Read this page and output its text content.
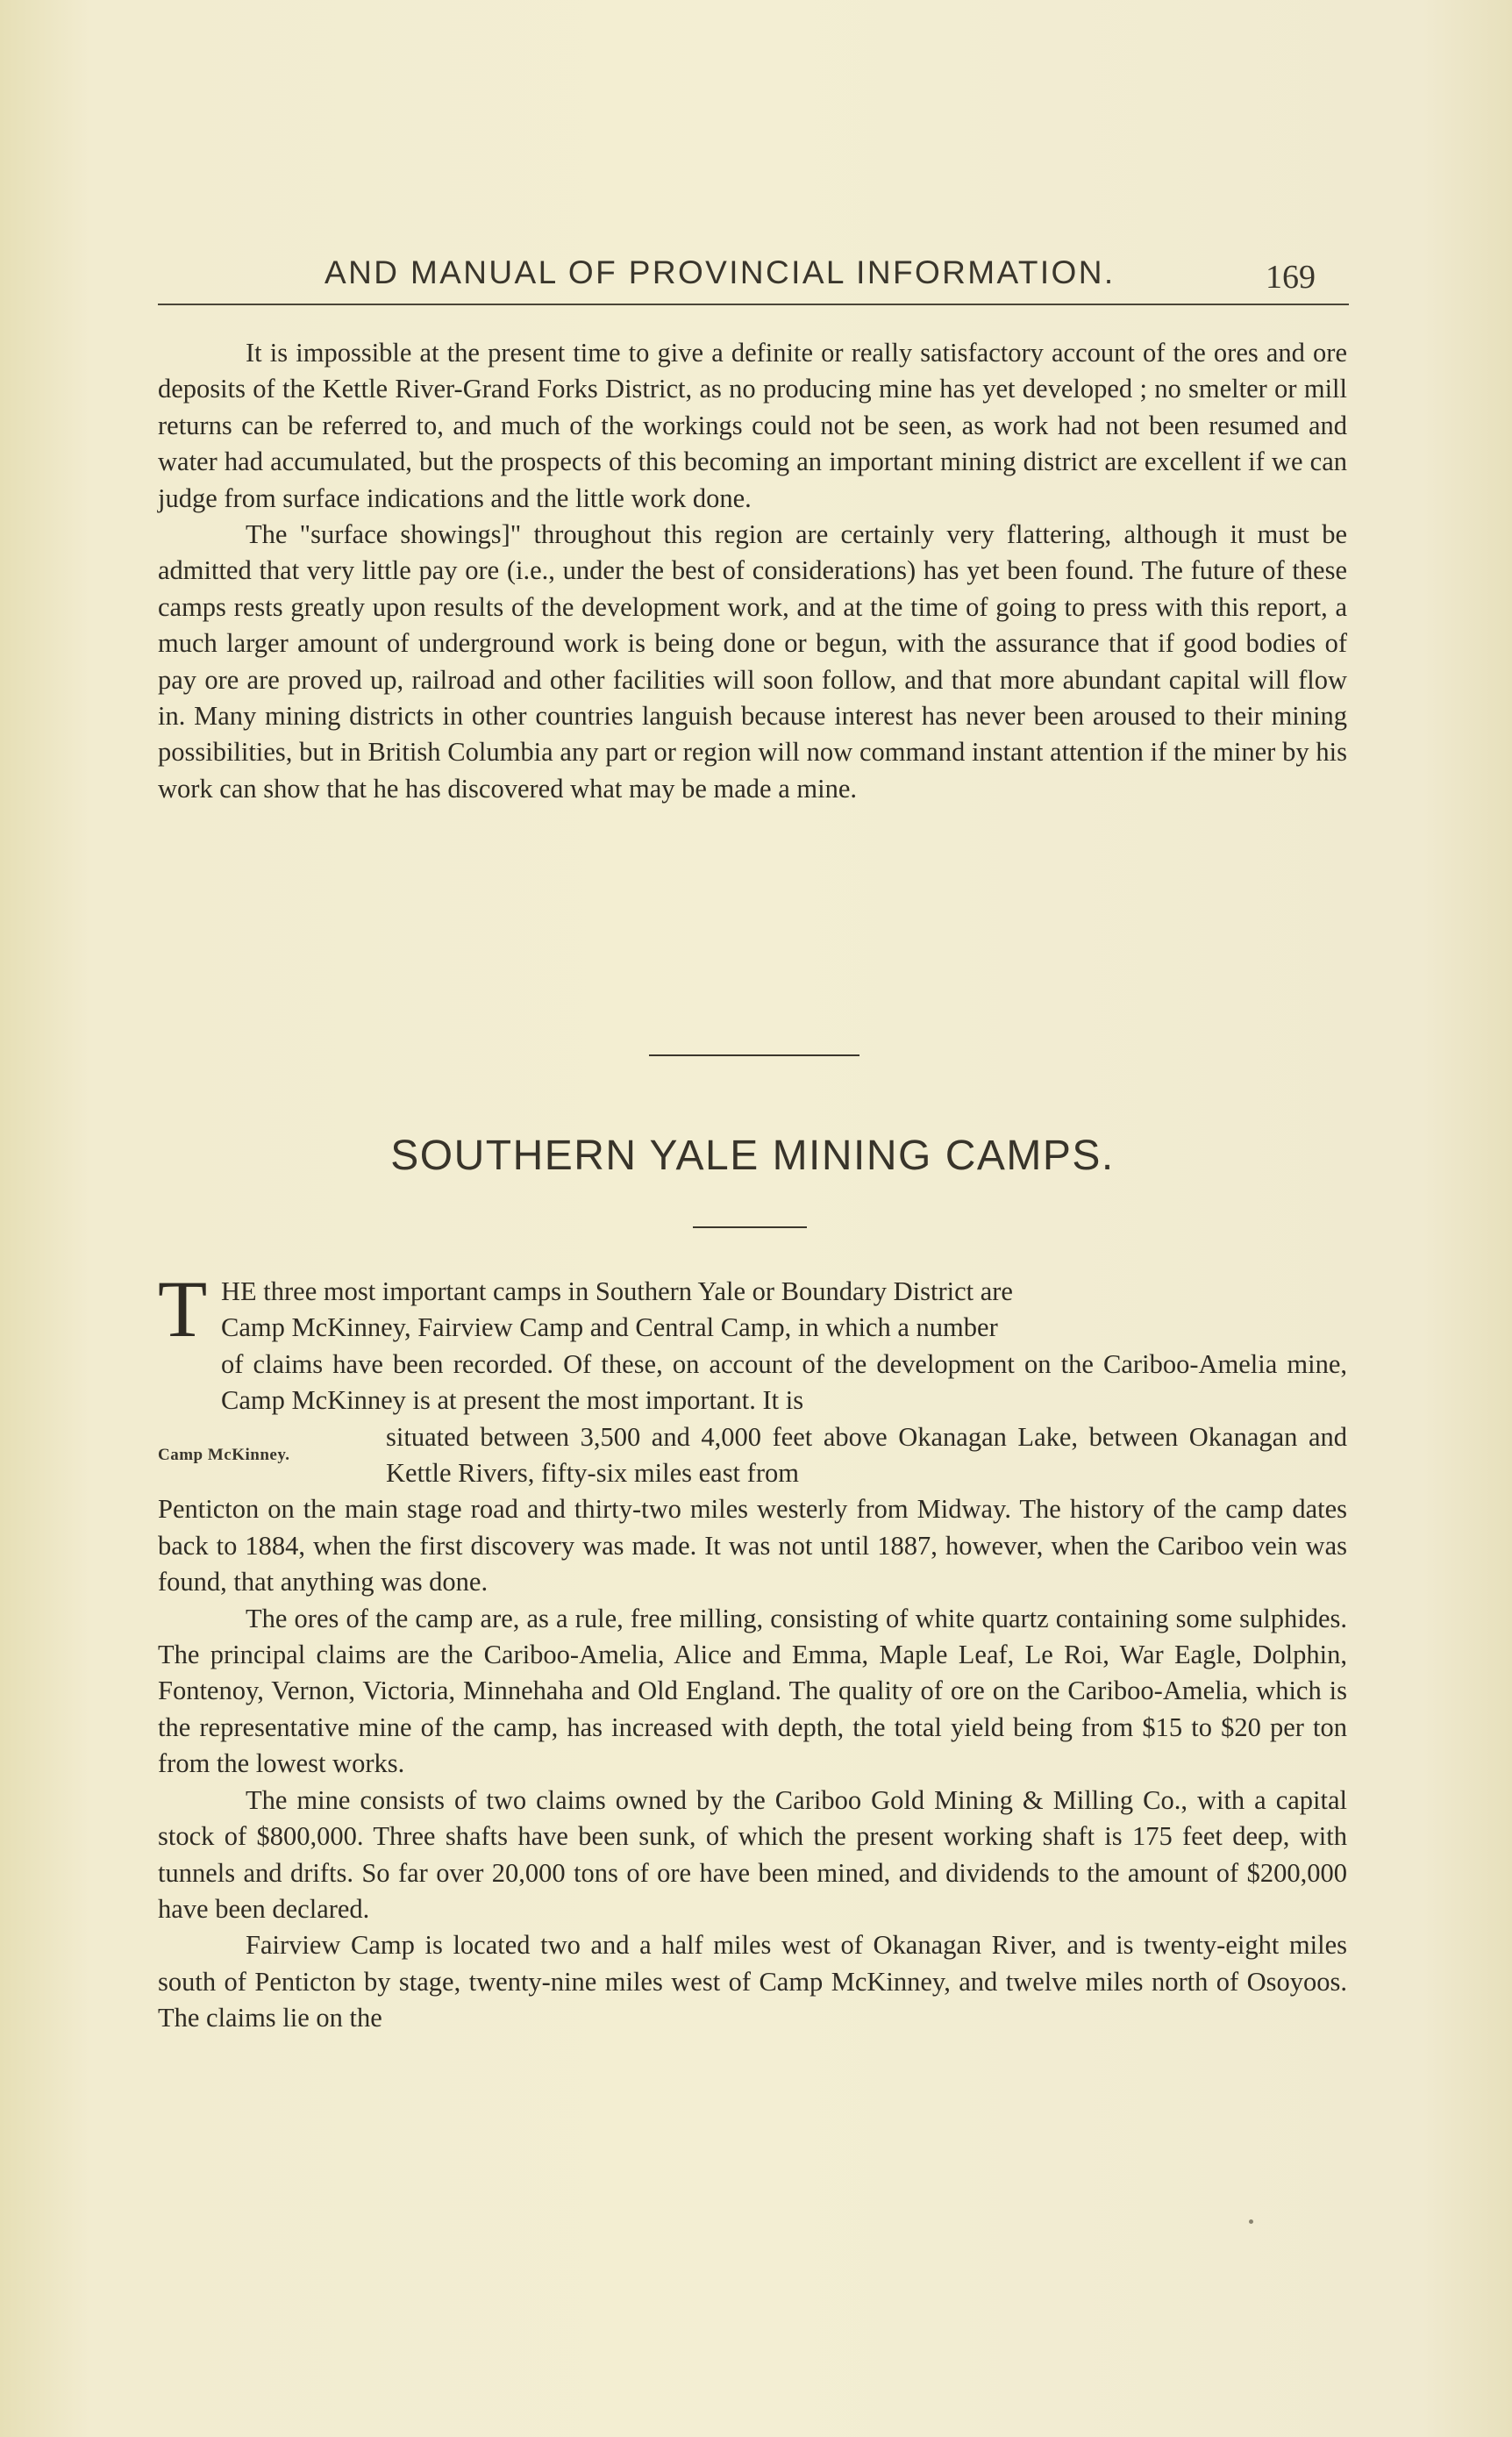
AND MANUAL OF PROVINCIAL INFORMATION.	169

It is impossible at the present time to give a definite or really satisfactory account of the ores and ore deposits of the Kettle River-Grand Forks District, as no producing mine has yet developed ; no smelter or mill returns can be referred to, and much of the workings could not be seen, as work had not been resumed and water had accumulated, but the prospects of this becoming an important mining district are excellent if we can judge from surface indications and the little work done.

The "surface showings]" throughout this region are certainly very flattering, although it must be admitted that very little pay ore (i.e., under the best of considerations) has yet been found. The future of these camps rests greatly upon results of the development work, and at the time of going to press with this report, a much larger amount of underground work is being done or begun, with the assurance that if good bodies of pay ore are proved up, railroad and other facilities will soon follow, and that more abundant capital will flow in. Many mining districts in other countries languish because interest has never been aroused to their mining possibilities, but in British Columbia any part or region will now command instant attention if the miner by his work can show that he has discovered what may be made a mine.

SOUTHERN YALE MINING CAMPS.
T HE three most important camps in Southern Yale or Boundary District are
Camp McKinney, Fairview Camp and Central Camp, in which a number
of claims have been recorded. Of these, on account of the development on the Cariboo-Amelia mine, Camp McKinney is at present the most important. It is
Camp McKinney.
situated between 3,500 and 4,000 feet above Okanagan Lake, between Okanagan and Kettle Rivers, fifty-six miles east from
Penticton on the main stage road and thirty-two miles westerly from Midway. The history of the camp dates back to 1884, when the first discovery was made. It was not until 1887, however, when the Cariboo vein was found, that anything was done.

The ores of the camp are, as a rule, free milling, consisting of white quartz containing some sulphides. The principal claims are the Cariboo-Amelia, Alice and Emma, Maple Leaf, Le Roi, War Eagle, Dolphin, Fontenoy, Vernon, Victoria, Minnehaha and Old England. The quality of ore on the Cariboo-Amelia, which is the representative mine of the camp, has increased with depth, the total yield being from $15 to $20 per ton from the lowest works.

The mine consists of two claims owned by the Cariboo Gold Mining & Milling Co., with a capital stock of $800,000. Three shafts have been sunk, of which the present working shaft is 175 feet deep, with tunnels and drifts. So far over 20,000 tons of ore have been mined, and dividends to the amount of $200,000 have been declared.

Fairview Camp is located two and a half miles west of Okanagan River, and is twenty-eight miles south of Penticton by stage, twenty-nine miles west of Camp McKinney, and twelve miles north of Osoyoos. The claims lie on the
